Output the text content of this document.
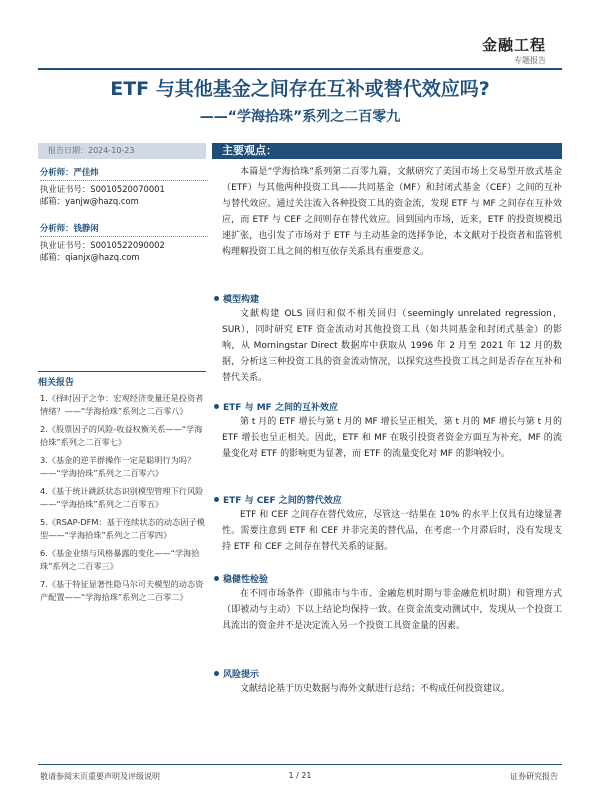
金融工程
专题报告
ETF 与其他基金之间存在互补或替代效应吗?
——“学海拾珠”系列之二百零九
报告日期：2024-10-23	主要观点：
分析师：严佳炜
执业证书号：S0010520070001
邮箱：yanjw@hazq.com
分析师：钱静闲
执业证书号：S0010522090002
邮箱：qianjx@hazq.com
相关报告
1.《择时因子之争：宏观经济变量还是投资者情绪？——“学海拾珠”系列之二百零八》
2.《股票因子的风险-收益权衡关系——“学海拾珠”系列之二百零七》
3.《基金的逆羊群操作一定是聪明行为吗？——“学海拾珠”系列之二百零六》
4.《基于统计跳跃状态识别模型管理下行风险——“学海拾珠”系列之二百零五》
5.《RSAP-DFM：基于连续状态的动态因子模型——“学海拾珠”系列之二百零四》
6.《基金业绩与风格暴露的变化——“学海拾珠”系列之二百零三》
7.《基于特征显著性隐马尔可夫模型的动态资产配置——“学海拾珠”系列之二百零二》
本篇是“学海拾珠”系列第二百零九篇，文献研究了美国市场上交易型开放式基金（ETF）与其他两种投资工具——共同基金（MF）和封闭式基金（CEF）之间的互补与替代效应。通过关注流入各种投资工具的资金流，发现 ETF 与 MF 之间存在互补效应，而 ETF 与 CEF 之间则存在替代效应。回到国内市场，近来，ETF 的投资规模迅速扩张，也引发了市场对于 ETF 与主动基金的选择争论，本文献对于投资者和监管机构理解投资工具之间的相互依存关系具有重要意义。
模型构建
文献构建 OLS 回归和似不相关回归（seemingly unrelated regression，SUR），同时研究 ETF 资金流动对其他投资工具（如共同基金和封闭式基金）的影响，从 Morningstar Direct 数据库中获取从 1996 年 2 月至 2021 年 12 月的数据，分析这三种投资工具的资金流动情况，以探究这些投资工具之间是否存在互补和替代关系。
ETF 与 MF 之间的互补效应
第 t 月的 ETF 增长与第 t 月的 MF 增长呈正相关，第 t 月的 MF 增长与第 t 月的 ETF 增长也呈正相关。因此，ETF 和 MF 在吸引投资者资金方面互为补充，MF 的流量变化对 ETF 的影响更为显著，而 ETF 的流量变化对 MF 的影响较小。
ETF 与 CEF 之间的替代效应
ETF 和 CEF 之间存在替代效应，尽管这一结果在 10% 的水平上仅具有边缘显著性。需要注意到 ETF 和 CEF 并非完美的替代品，在考虑一个月滞后时，没有发现支持 ETF 和 CEF 之间存在替代关系的证据。
稳健性检验
在不同市场条件（即熊市与牛市、金融危机时期与非金融危机时期）和管理方式（即被动与主动）下以上结论均保持一致。在资金流变动测试中，发现从一个投资工具流出的资金并不是决定流入另一个投资工具资金量的因素。
风险提示
文献结论基于历史数据与海外文献进行总结；不构成任何投资建议。
敬请参阅末页重要声明及评级说明	1 / 21	证券研究报告
